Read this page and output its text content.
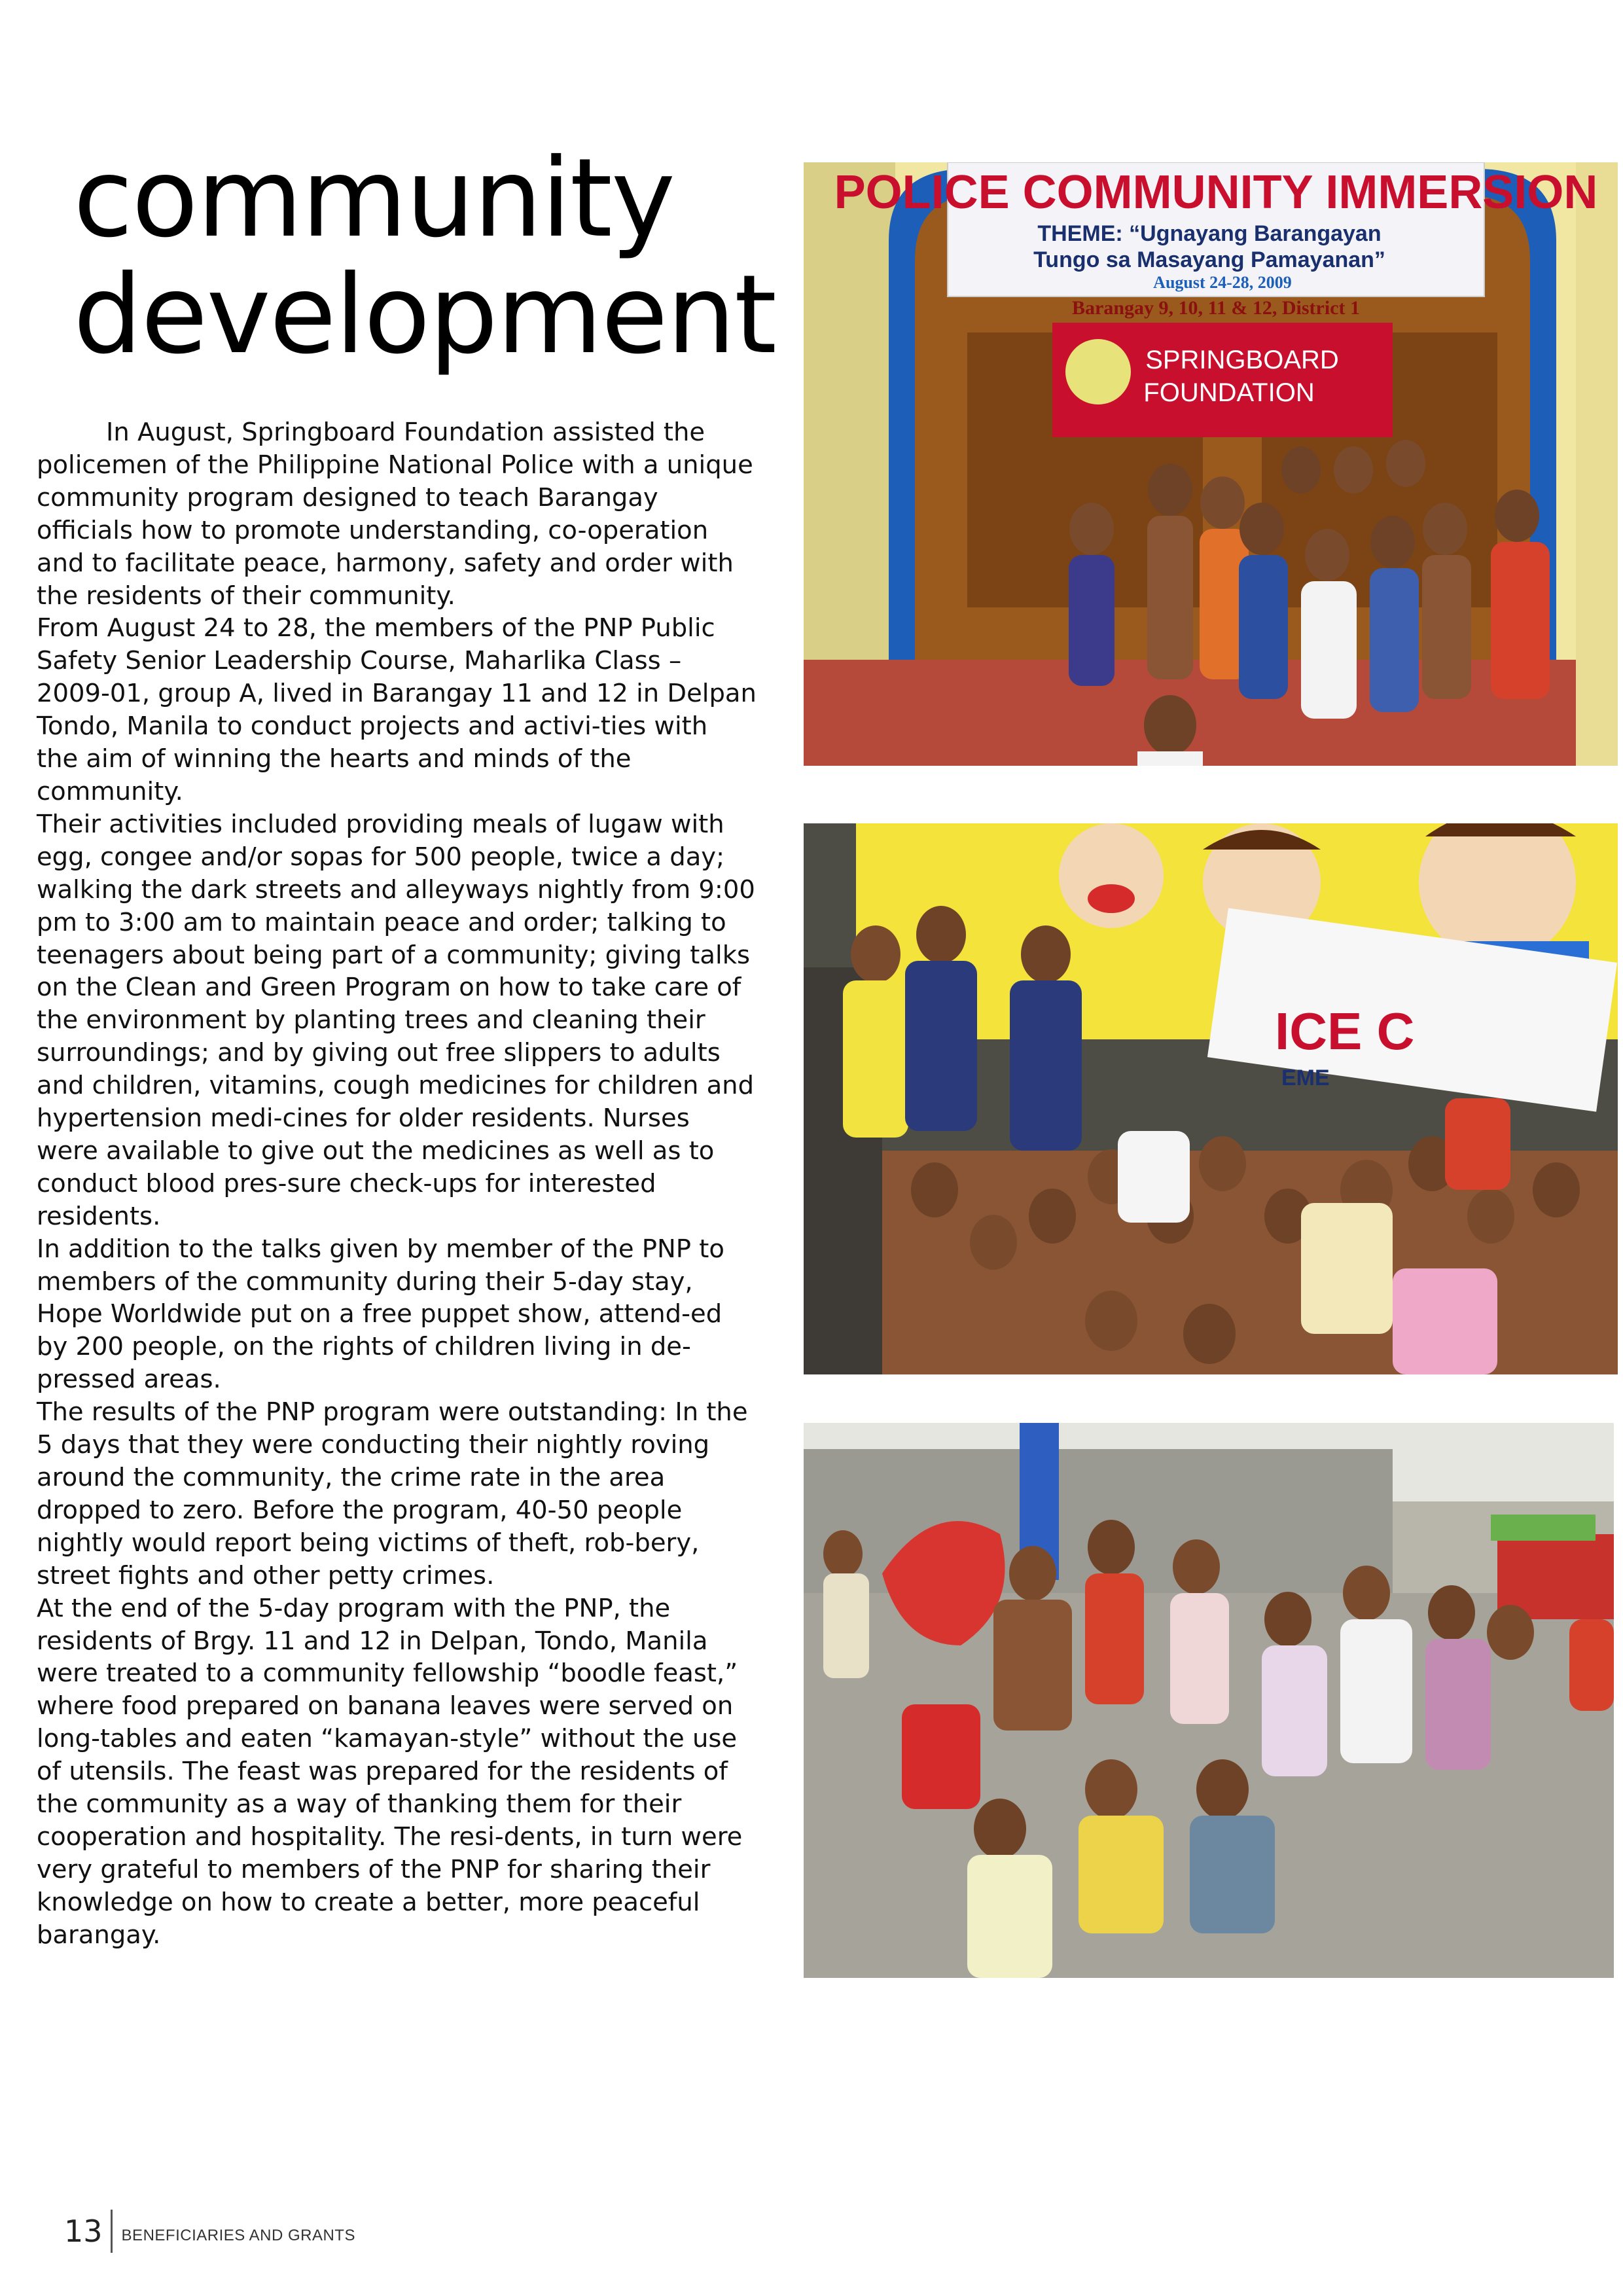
community
development

In August, Springboard Foundation assisted the policemen of the Philippine National Police with a unique community program designed to teach Barangay officials how to promote understanding, co-operation and to facilitate peace, harmony, safety and order with the residents of their community.

From August 24 to 28, the members of the PNP Public Safety Senior Leadership Course, Maharlika Class – 2009-01, group A, lived in Barangay 11 and 12 in Delpan Tondo, Manila to conduct projects and activi-ties with the aim of winning the hearts and minds of the community.

Their activities included providing meals of lugaw with egg, congee and/or sopas for 500 people, twice a day; walking the dark streets and alleyways nightly from 9:00 pm to 3:00 am to maintain peace and order; talking to teenagers about being part of a community; giving talks on the Clean and Green Program on how to take care of the environment by planting trees and cleaning their surroundings; and by giving out free slippers to adults and children, vitamins, cough medicines for children and hypertension medi-cines for older residents. Nurses were available to give out the medicines as well as to conduct blood pres-sure check-ups for interested residents.

In addition to the talks given by member of the PNP to members of the community during their 5-day stay, Hope Worldwide put on a free puppet show, attend-ed by 200 people, on the rights of children living in de-pressed areas.

The results of the PNP program were outstanding: In the 5 days that they were conducting their nightly roving around the community, the crime rate in the area dropped to zero. Before the program, 40-50 people nightly would report being victims of theft, rob-bery, street fights and other petty crimes.

At the end of the 5-day program with the PNP, the residents of Brgy. 11 and 12 in Delpan, Tondo, Manila were treated to a community fellowship “boodle feast,” where food prepared on banana leaves were served on long-tables and eaten “kamayan-style” without the use of utensils. The feast was prepared for the residents of the community as a way of thanking them for their cooperation and hospitality. The resi-dents, in turn were very grateful to members of the PNP for sharing their knowledge on how to create a better, more peaceful barangay.

POLICE COMMUNITY IMMERSION
THEME: “Ugnayang Barangayan
Tungo sa Masayang Pamayanan”
August 24-28, 2009
Barangay 9, 10, 11 & 12, District 1
SPRINGBOARD
FOUNDATION
ICE C
EME
13 BENEFICIARIES AND GRANTS
